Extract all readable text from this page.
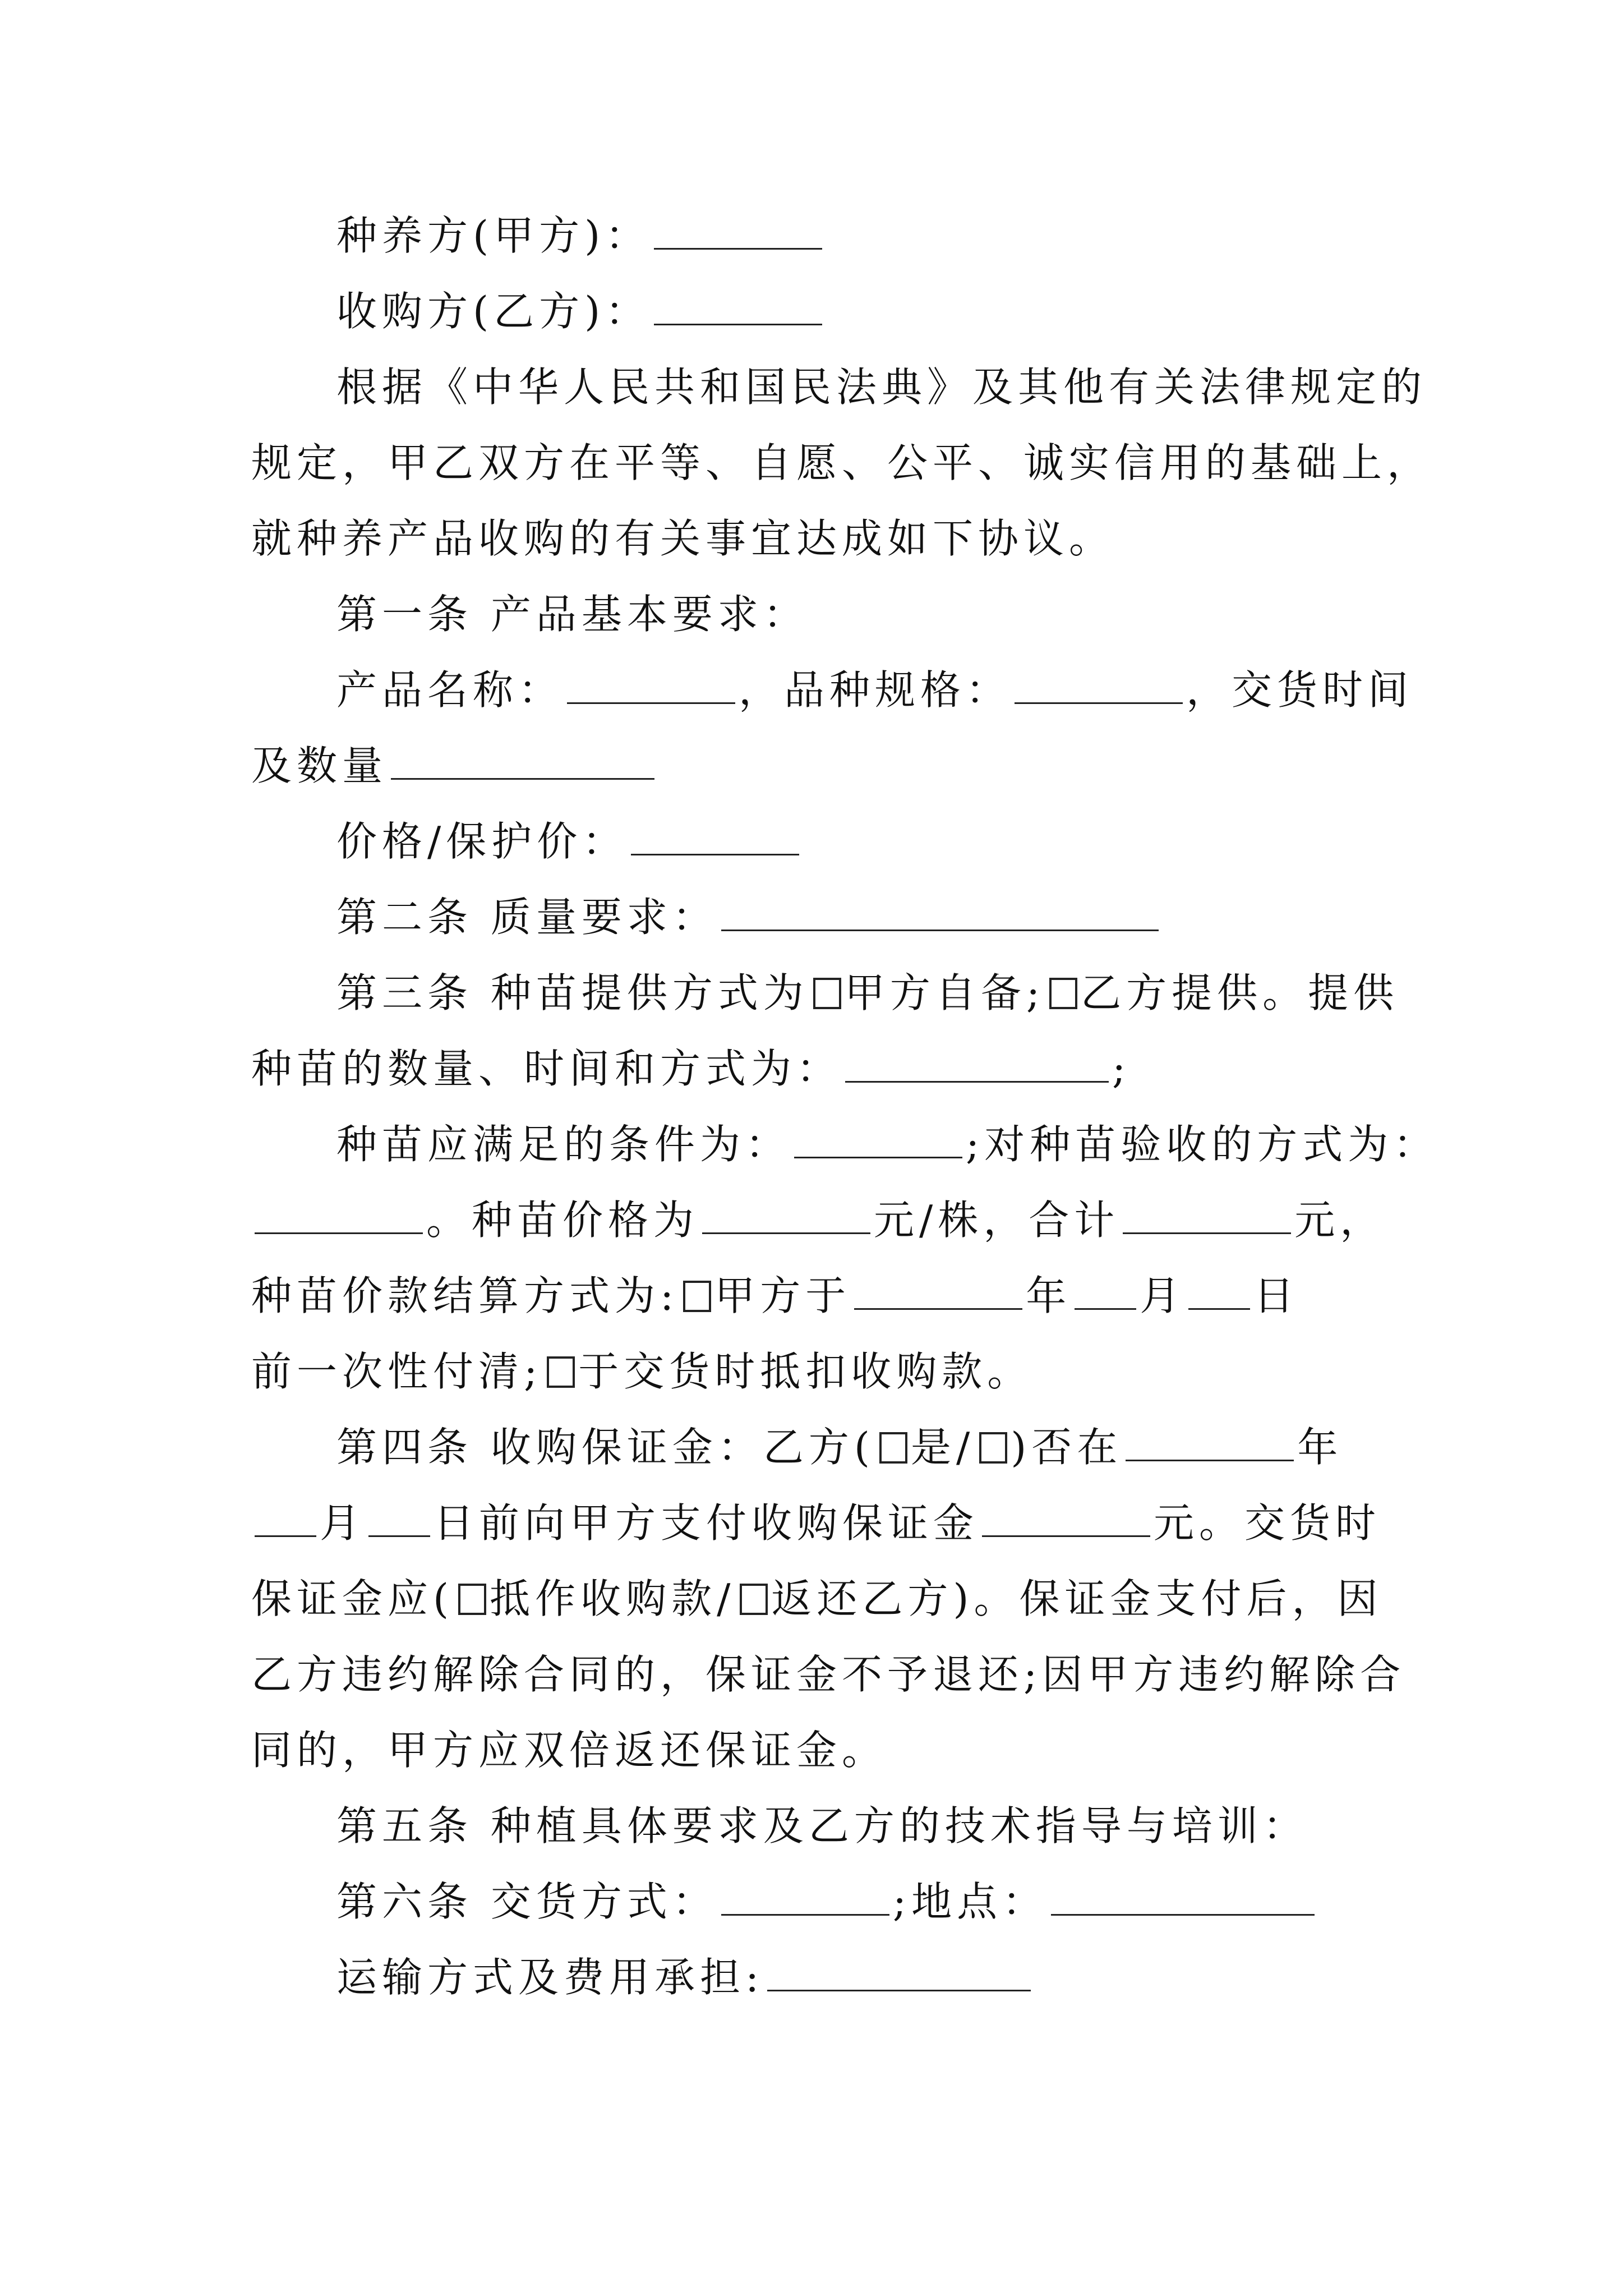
种养方(甲方)：
收购方(乙方)：
根据《中华人民共和国民法典》及其他有关法律规定的
规定，甲乙双方在平等、自愿、公平、诚实信用的基础上，
就种养产品收购的有关事宜达成如下协议。
第一条 产品基本要求：
产品名称：	，品种规格：	，交货时间
及数量
价格/保护价：
第二条 质量要求：
第三条 种苗提供方式为 甲方自备; 乙方提供。提供
种苗的数量、时间和方式为：	;
种苗应满足的条件为：	;对种苗验收的方式为：
。种苗价格为	元/株，合计	元，
种苗价款结算方式为: 甲方于	年 月 日
前一次性付清; 于交货时抵扣收购款。
第四条 收购保证金：乙方( 是/ )否在	年
月 日前向甲方支付收购保证金	元。交货时
保证金应( 抵作收购款/ 返还乙方)。保证金支付后，因
乙方违约解除合同的，保证金不予退还;因甲方违约解除合
同的，甲方应双倍返还保证金。
第五条 种植具体要求及乙方的技术指导与培训：
第六条 交货方式：	;地点：
运输方式及费用承担:
